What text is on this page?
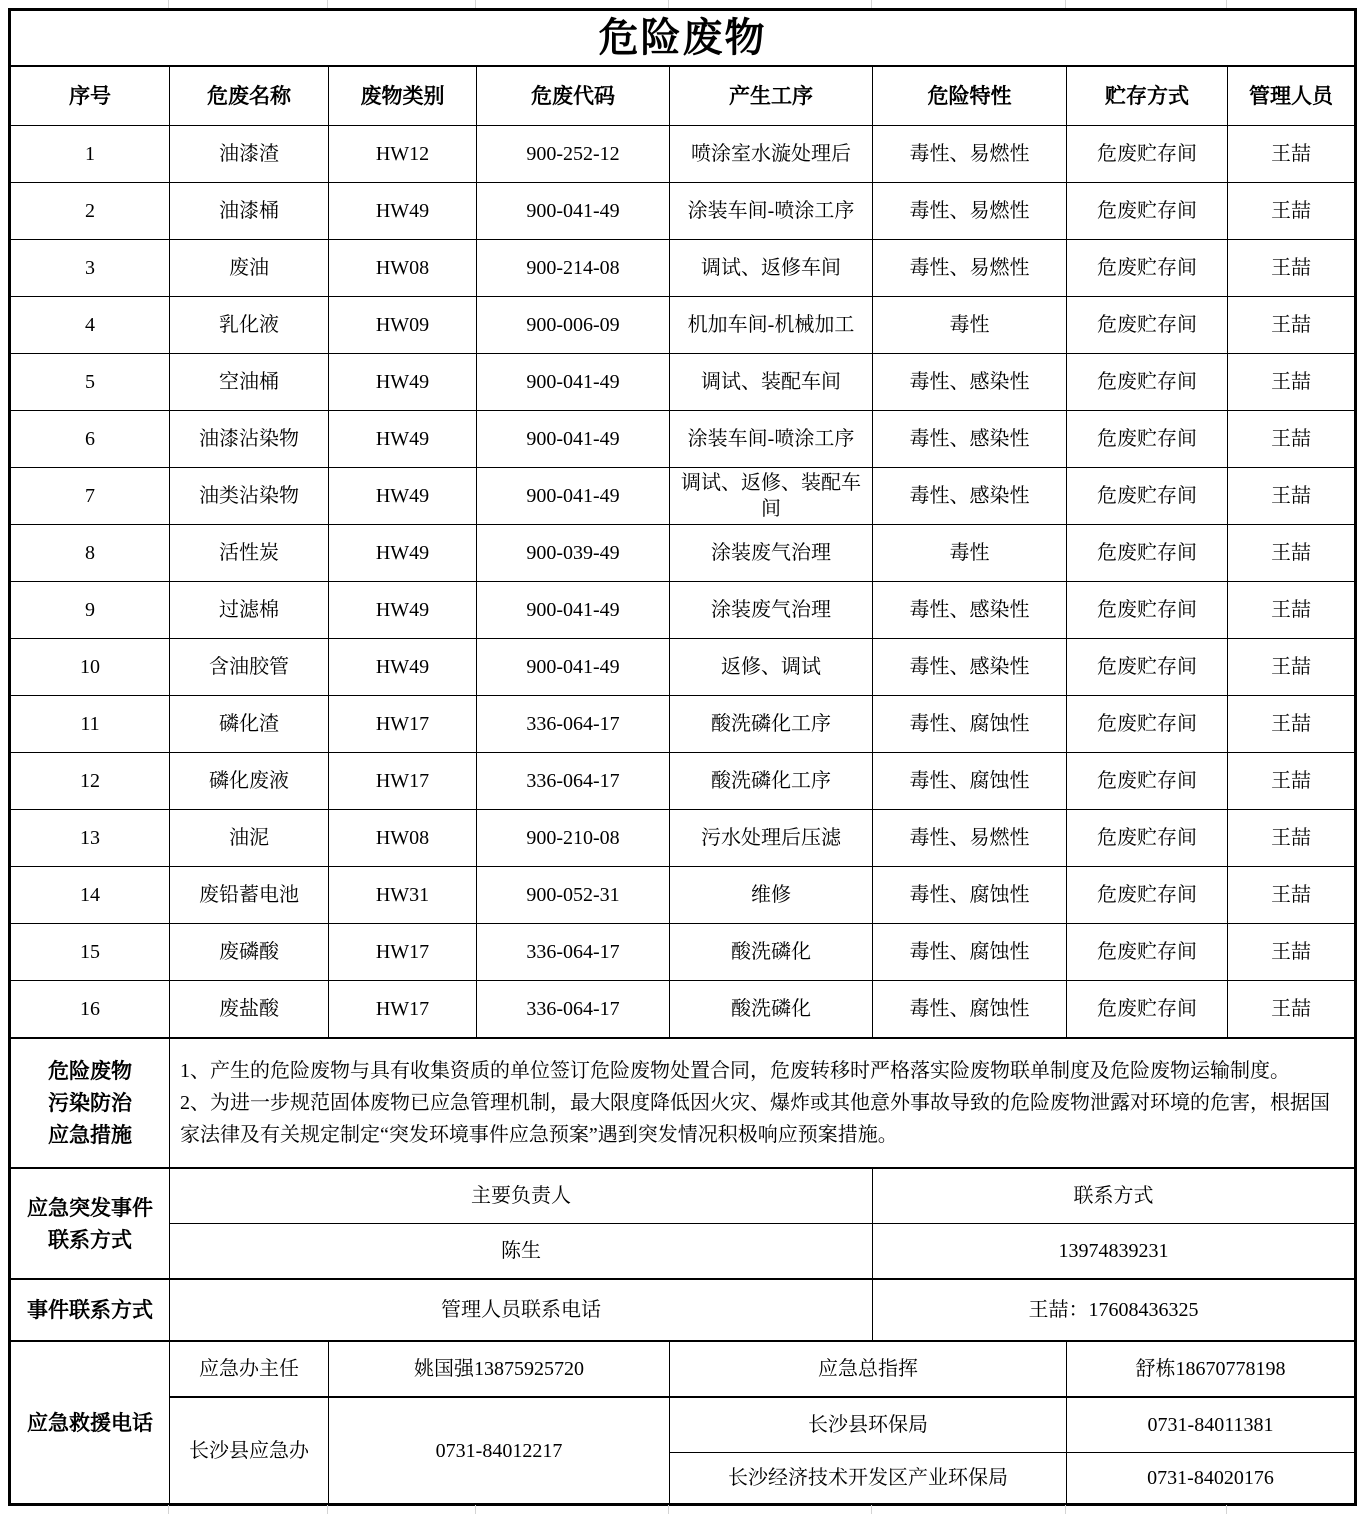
危险废物							
序号	危废名称	废物类别	危废代码	产生工序	危险特性	贮存方式	管理人员
1	油漆渣	HW12	900-252-12	喷涂室水漩处理后	毒性、易燃性	危废贮存间	王喆
2	油漆桶	HW49	900-041-49	涂装车间-喷涂工序	毒性、易燃性	危废贮存间	王喆
3	废油	HW08	900-214-08	调试、返修车间	毒性、易燃性	危废贮存间	王喆
4	乳化液	HW09	900-006-09	机加车间-机械加工	毒性	危废贮存间	王喆
5	空油桶	HW49	900-041-49	调试、装配车间	毒性、感染性	危废贮存间	王喆
6	油漆沾染物	HW49	900-041-49	涂装车间-喷涂工序	毒性、感染性	危废贮存间	王喆
7	油类沾染物	HW49	900-041-49	调试、返修、装配车间	毒性、感染性	危废贮存间	王喆
8	活性炭	HW49	900-039-49	涂装废气治理	毒性	危废贮存间	王喆
9	过滤棉	HW49	900-041-49	涂装废气治理	毒性、感染性	危废贮存间	王喆
10	含油胶管	HW49	900-041-49	返修、调试	毒性、感染性	危废贮存间	王喆
11	磷化渣	HW17	336-064-17	酸洗磷化工序	毒性、腐蚀性	危废贮存间	王喆
12	磷化废液	HW17	336-064-17	酸洗磷化工序	毒性、腐蚀性	危废贮存间	王喆
13	油泥	HW08	900-210-08	污水处理后压滤	毒性、易燃性	危废贮存间	王喆
14	废铅蓄电池	HW31	900-052-31	维修	毒性、腐蚀性	危废贮存间	王喆
15	废磷酸	HW17	336-064-17	酸洗磷化	毒性、腐蚀性	危废贮存间	王喆
16	废盐酸	HW17	336-064-17	酸洗磷化	毒性、腐蚀性	危废贮存间	王喆

危险废物
污染防治
应急措施

1、产生的危险废物与具有收集资质的单位签订危险废物处置合同，危废转移时严格落实险废物联单制度及危险废物运输制度。
2、为进一步规范固体废物已应急管理机制，最大限度降低因火灾、爆炸或其他意外事故导致的危险废物泄露对环境的危害，根据国家法律及有关规定制定“突发环境事件应急预案”遇到突发情况积极响应预案措施。

应急突发事件
联系方式	主要负责人				联系方式		
	陈生				13974839231		
事件联系方式	管理人员联系电话				王喆：17608436325		
应急救援电话	应急办主任	姚国强13875925720		应急总指挥		舒栋18670778198	
	长沙县应急办	0731-84012217		长沙县环保局		0731-84011381	
				长沙经济技术开发区产业环保局		0731-84020176	
